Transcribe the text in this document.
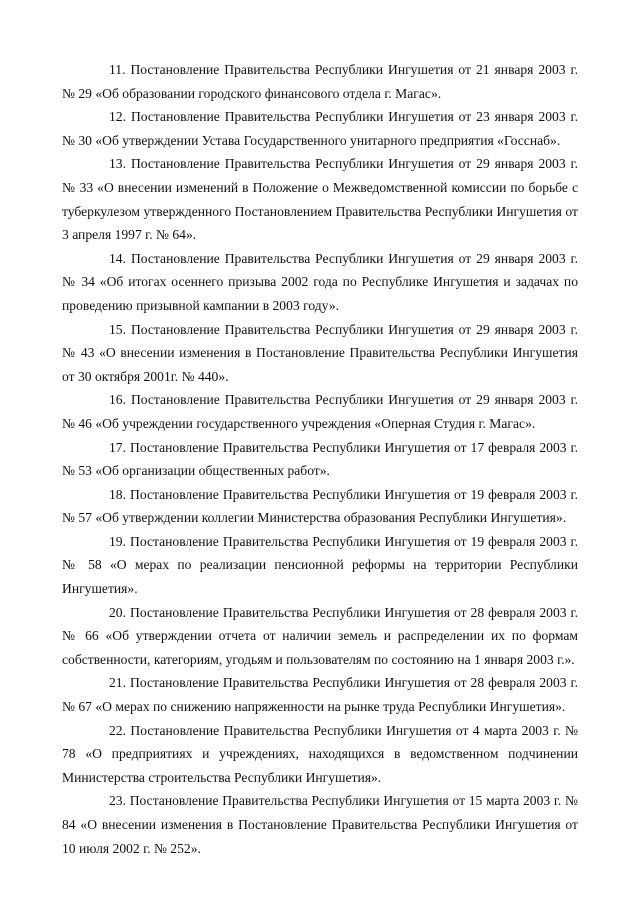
11. Постановление Правительства Республики Ингушетия от 21 января 2003 г. № 29 «Об образовании городского финансового отдела г. Магас».

12. Постановление Правительства Республики Ингушетия от 23 января 2003 г. № 30 «Об утверждении Устава Государственного унитарного предприятия «Госснаб».

13. Постановление Правительства Республики Ингушетия от 29 января 2003 г. № 33 «О внесении изменений в Положение о Межведомственной комиссии по борьбе с туберкулезом утвержденного Постановлением Правительства Республики Ингушетия от 3 апреля 1997 г. № 64».

14. Постановление Правительства Республики Ингушетия от 29 января 2003 г. № 34 «Об итогах осеннего призыва 2002 года по Республике Ингушетия и задачах по проведению призывной кампании в 2003 году».

15. Постановление Правительства Республики Ингушетия от 29 января 2003 г. № 43 «О внесении изменения в Постановление Правительства Республики Ингушетия от 30 октября 2001г. № 440».

16. Постановление Правительства Республики Ингушетия от 29 января 2003 г. № 46 «Об учреждении государственного учреждения «Оперная Студия г. Магас».

17. Постановление Правительства Республики Ингушетия от 17 февраля 2003 г. № 53 «Об организации общественных работ».

18. Постановление Правительства Республики Ингушетия от 19 февраля 2003 г. № 57 «Об утверждении коллегии Министерства образования Республики Ингушетия».

19. Постановление Правительства Республики Ингушетия от 19 февраля 2003 г. № 58 «О мерах по реализации пенсионной реформы на территории Республики Ингушетия».

20. Постановление Правительства Республики Ингушетия от 28 февраля 2003 г. № 66 «Об утверждении отчета от наличии земель и распределении их по формам собственности, категориям, угодьям и пользователям по состоянию на 1 января 2003 г.».

21. Постановление Правительства Республики Ингушетия от 28 февраля 2003 г. № 67 «О мерах по снижению напряженности на рынке труда Республики Ингушетия».

22. Постановление Правительства Республики Ингушетия от 4 марта 2003 г. № 78 «О предприятиях и учреждениях, находящихся в ведомственном подчинении Министерства строительства Республики Ингушетия».

23. Постановление Правительства Республики Ингушетия от 15 марта 2003 г. № 84 «О внесении изменения в Постановление Правительства Республики Ингушетия от 10 июля 2002 г. № 252».
